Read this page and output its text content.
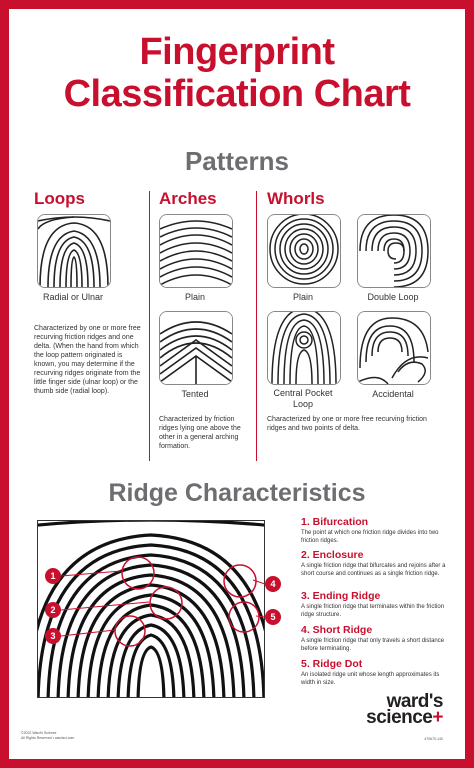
Fingerprint
Classification Chart
Patterns
Loops	Arches	Whorls
Radial or Ulnar
Characterized by one or more free recurving friction ridges and one delta. (When the hand from which the loop pattern originated is known, you may determine if the recurving ridges originate from the little finger side (ulnar loop) or the thumb side (radial loop).
Plain
Tented
Characterized by friction ridges lying one above the other in a general arching formation.
Plain	Double Loop
Central Pocket Loop
Accidental
Characterized by one or more free recurving friction ridges and two points of delta.
Ridge Characteristics
1
2
3
4
5
1. Bifurcation
The point at which one friction ridge divides into two friction ridges.
2. Enclosure
A single friction ridge that bifurcates and rejoins after a short course and continues as a single friction ridge.
3. Ending Ridge
A single friction ridge that terminates within the friction ridge structure.
4. Short Ridge
A single friction ridge that only travels a short distance before terminating.
5. Ridge Dot
An isolated ridge unit whose length approximates its width in size.
ward's
science+
©2022 Ward's Science
All Rights Reserved • wardsci.com	470670-140
